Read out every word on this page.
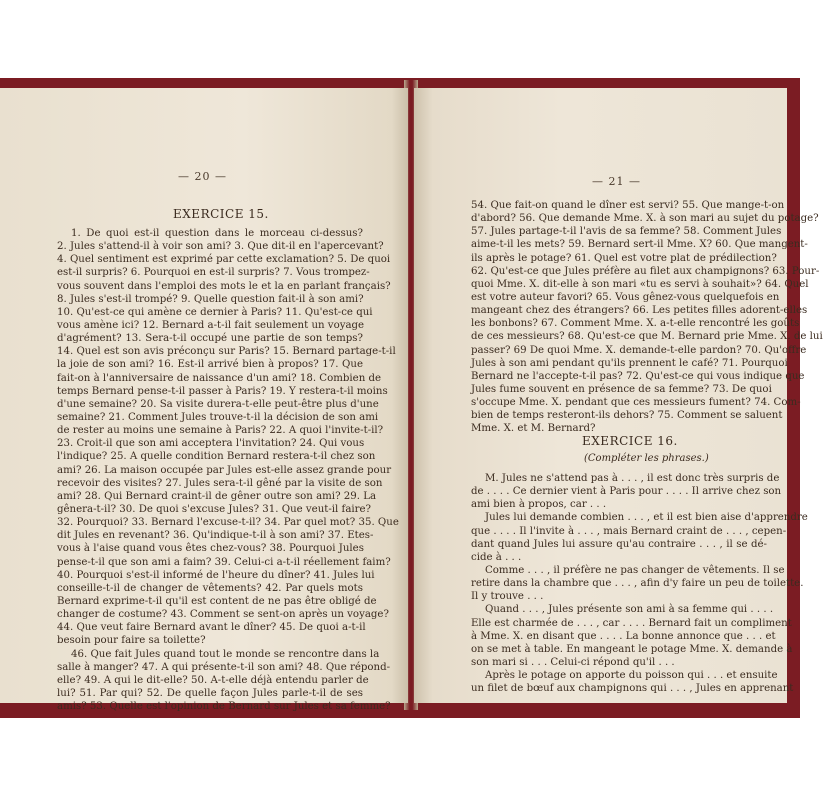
— 20 —
EXERCICE 15.
1. De quoi est-il question dans le morceau ci-dessus?
2. Jules s'attend-il à voir son ami? 3. Que dit-il en l'apercevant?
4. Quel sentiment est exprimé par cette exclamation? 5. De quoi
est-il surpris? 6. Pourquoi en est-il surpris? 7. Vous trompez-
vous souvent dans l'emploi des mots le et la en parlant français?
8. Jules s'est-il trompé? 9. Quelle question fait-il à son ami?
10. Qu'est-ce qui amène ce dernier à Paris? 11. Qu'est-ce qui
vous amène ici? 12. Bernard a-t-il fait seulement un voyage
d'agrément? 13. Sera-t-il occupé une partie de son temps?
14. Quel est son avis préconçu sur Paris? 15. Bernard partage-t-il
la joie de son ami? 16. Est-il arrivé bien à propos? 17. Que
fait-on à l'anniversaire de naissance d'un ami? 18. Combien de
temps Bernard pense-t-il passer à Paris? 19. Y restera-t-il moins
d'une semaine? 20. Sa visite durera-t-elle peut-être plus d'une
semaine? 21. Comment Jules trouve-t-il la décision de son ami
de rester au moins une semaine à Paris? 22. A quoi l'invite-t-il?
23. Croit-il que son ami acceptera l'invitation? 24. Qui vous
l'indique? 25. A quelle condition Bernard restera-t-il chez son
ami? 26. La maison occupée par Jules est-elle assez grande pour
recevoir des visites? 27. Jules sera-t-il gêné par la visite de son
ami? 28. Qui Bernard craint-il de gêner outre son ami? 29. La
gênera-t-il? 30. De quoi s'excuse Jules? 31. Que veut-il faire?
32. Pourquoi? 33. Bernard l'excuse-t-il? 34. Par quel mot? 35. Que
dit Jules en revenant? 36. Qu'indique-t-il à son ami? 37. Etes-
vous à l'aise quand vous êtes chez-vous? 38. Pourquoi Jules
pense-t-il que son ami a faim? 39. Celui-ci a-t-il réellement faim?
40. Pourquoi s'est-il informé de l'heure du dîner? 41. Jules lui
conseille-t-il de changer de vêtements? 42. Par quels mots
Bernard exprime-t-il qu'il est content de ne pas être obligé de
changer de costume? 43. Comment se sent-on après un voyage?
44. Que veut faire Bernard avant le dîner? 45. De quoi a-t-il
besoin pour faire sa toilette?
46. Que fait Jules quand tout le monde se rencontre dans la
salle à manger? 47. A qui présente-t-il son ami? 48. Que répond-
elle? 49. A qui le dit-elle? 50. A-t-elle déjà entendu parler de
lui? 51. Par qui? 52. De quelle façon Jules parle-t-il de ses
amis? 53. Quelle est l'opinion de Bernard sur Jules et sa femme?
— 21 —
54. Que fait-on quand le dîner est servi? 55. Que mange-t-on
d'abord? 56. Que demande Mme. X. à son mari au sujet du potage?
57. Jules partage-t-il l'avis de sa femme? 58. Comment Jules
aime-t-il les mets? 59. Bernard sert-il Mme. X? 60. Que mangent-
ils après le potage? 61. Quel est votre plat de prédilection?
62. Qu'est-ce que Jules préfère au filet aux champignons? 63. Pour-
quoi Mme. X. dit-elle à son mari «tu es servi à souhait»? 64. Quel
est votre auteur favori? 65. Vous gênez-vous quelquefois en
mangeant chez des étrangers? 66. Les petites filles adorent-elles
les bonbons? 67. Comment Mme. X. a-t-elle rencontré les goûts
de ces messieurs? 68. Qu'est-ce que M. Bernard prie Mme. X. de lui
passer? 69 De quoi Mme. X. demande-t-elle pardon? 70. Qu'offre
Jules à son ami pendant qu'ils prennent le café? 71. Pourquoi
Bernard ne l'accepte-t-il pas? 72. Qu'est-ce qui vous indique que
Jules fume souvent en présence de sa femme? 73. De quoi
s'occupe Mme. X. pendant que ces messieurs fument? 74. Com-
bien de temps resteront-ils dehors? 75. Comment se saluent
Mme. X. et M. Bernard?
EXERCICE 16.
(Compléter les phrases.)
M. Jules ne s'attend pas à . . . , il est donc très surpris de
de . . . . Ce dernier vient à Paris pour . . . . Il arrive chez son
ami bien à propos, car . . .
Jules lui demande combien . . . , et il est bien aise d'apprendre
que . . . . Il l'invite à . . . , mais Bernard craint de . . . , cepen-
dant quand Jules lui assure qu'au contraire . . . , il se dé-
cide à . . .
Comme . . . , il préfère ne pas changer de vêtements. Il se
retire dans la chambre que . . . , afin d'y faire un peu de toilette.
Il y trouve . . .
Quand . . . , Jules présente son ami à sa femme qui . . . .
Elle est charmée de . . . , car . . . . Bernard fait un compliment
à Mme. X. en disant que . . . . La bonne annonce que . . . et
on se met à table. En mangeant le potage Mme. X. demande à
son mari si . . . Celui-ci répond qu'il . . .
Après le potage on apporte du poisson qui . . . et ensuite
un filet de bœuf aux champignons qui . . . , Jules en apprenant
